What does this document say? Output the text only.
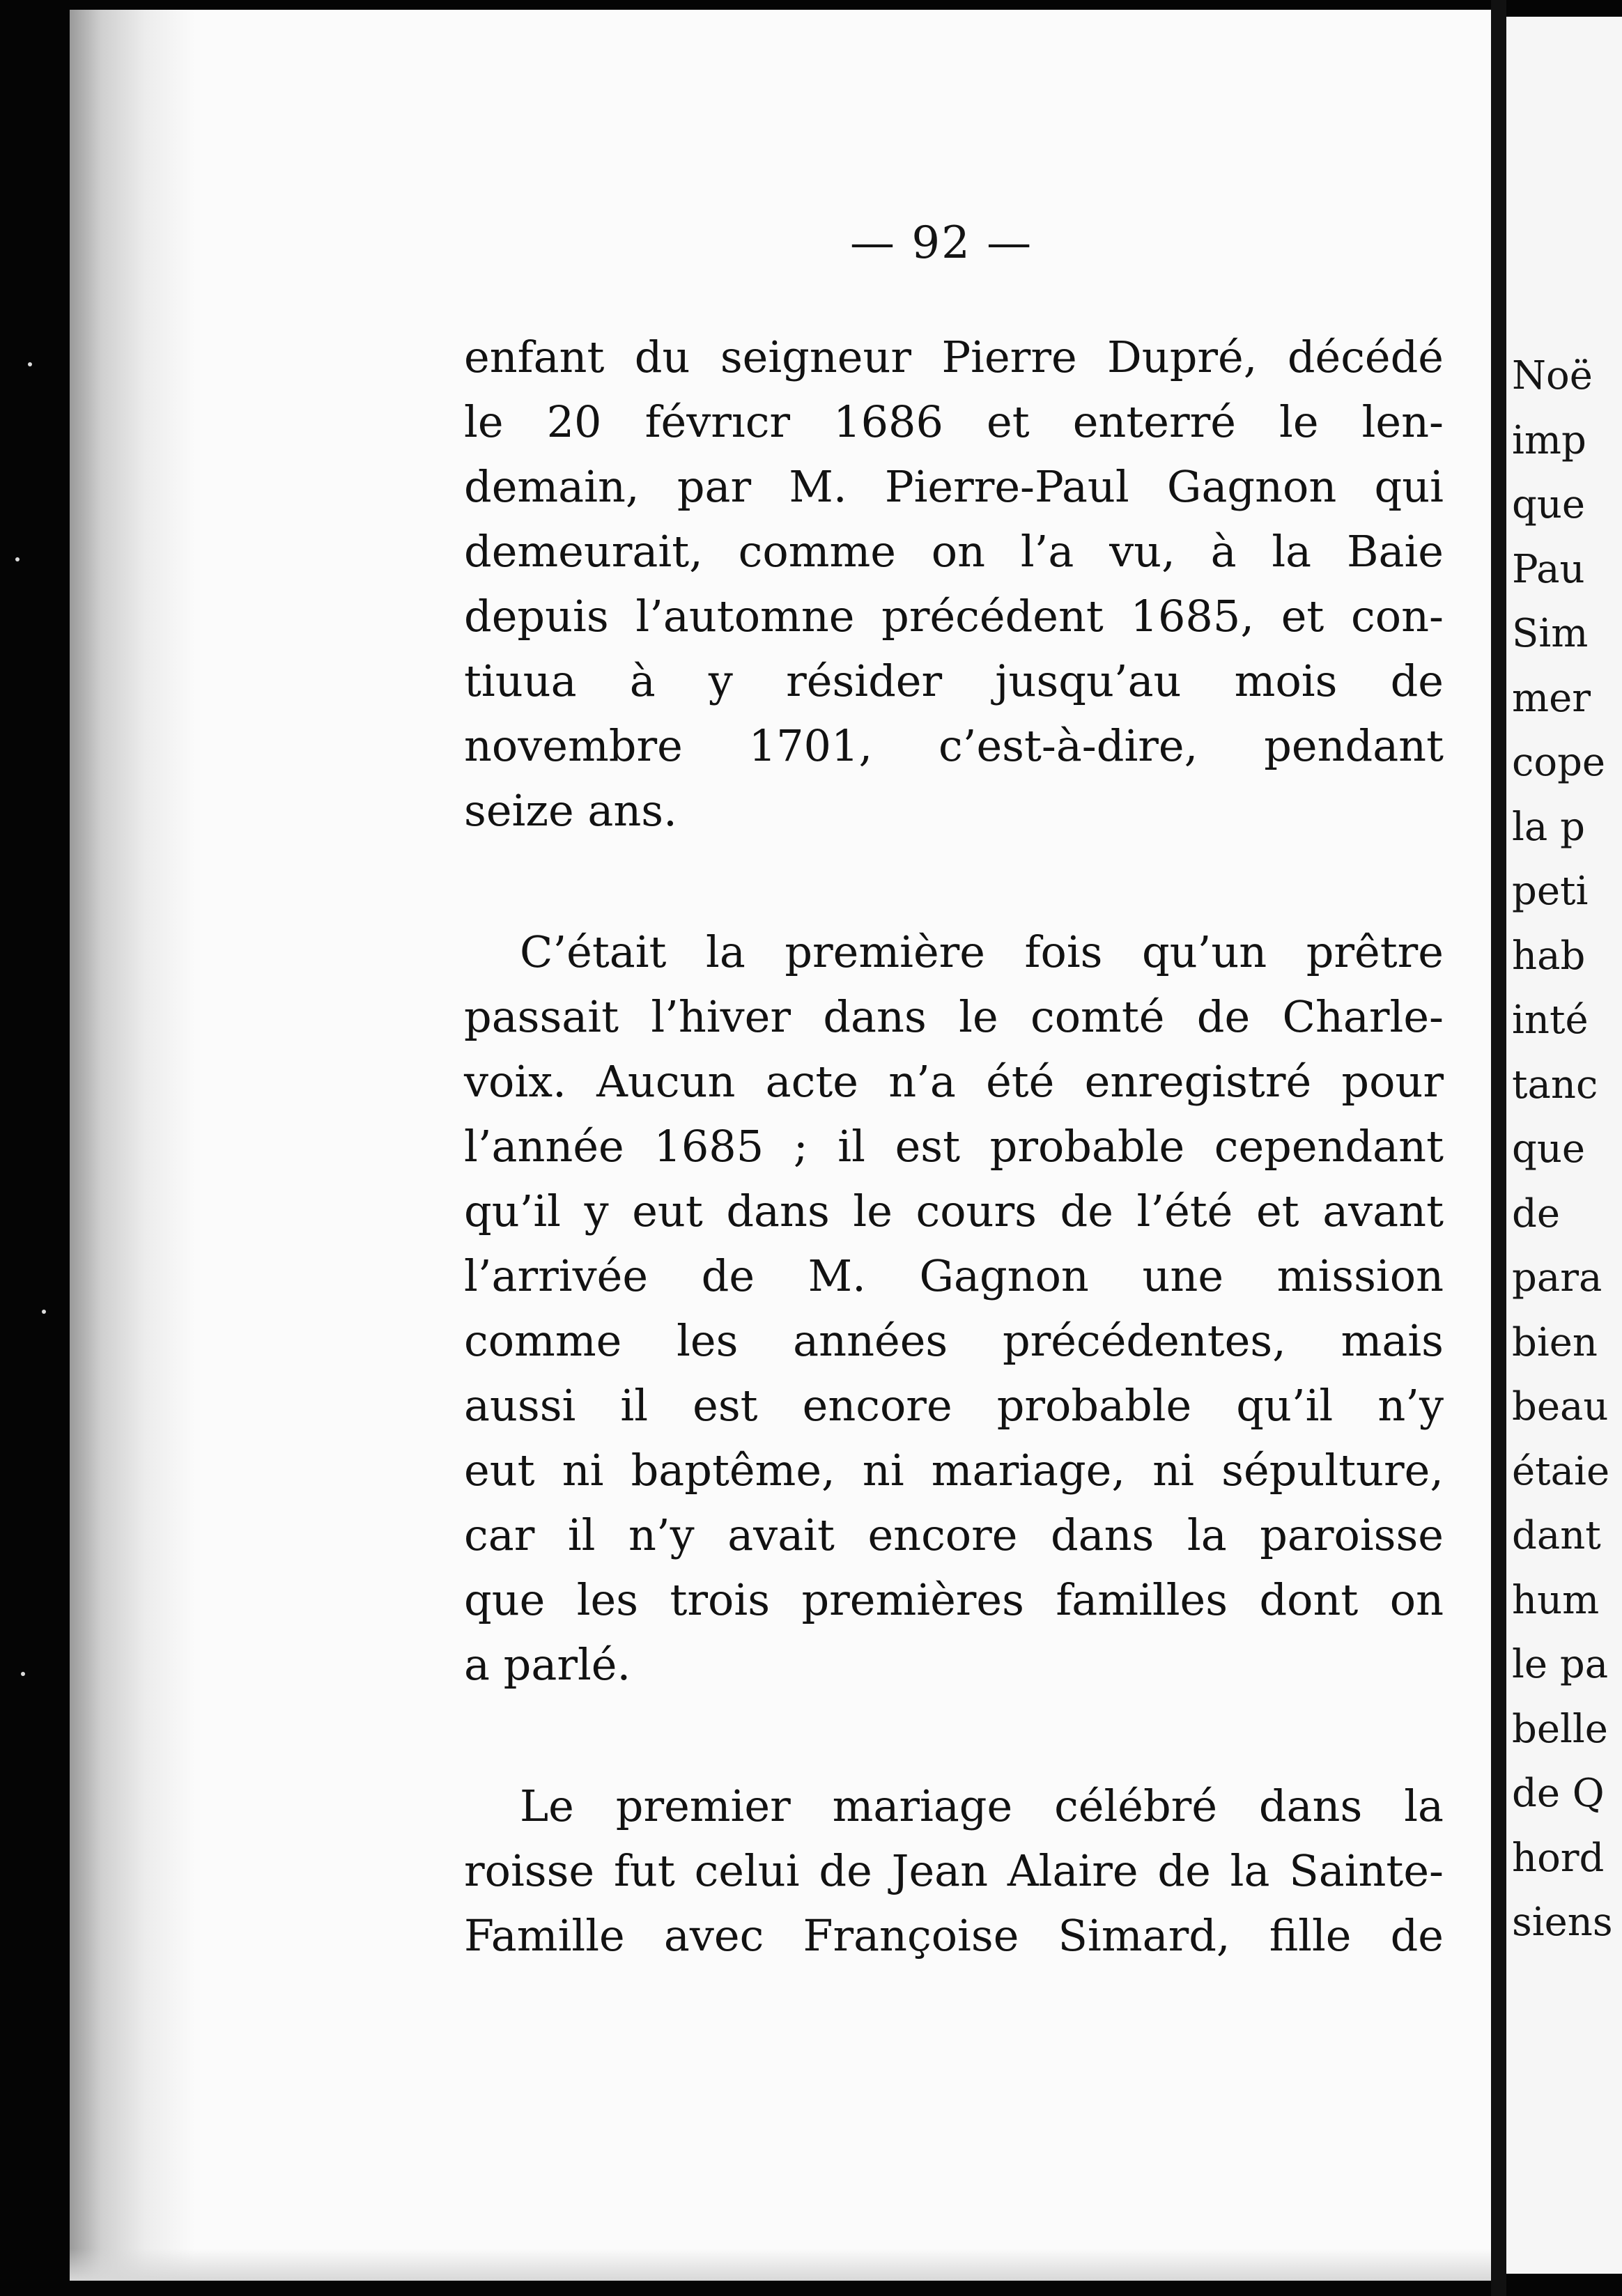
Noë
imp
que
Pau
Sim
mer
cope
la p
peti
hab
inté
tanc
que
de
para
bien
beau
étaie
dant
hum
le pa
belle
de Q
hord
siens
— 92 —

enfant du seigneur Pierre Dupré, décédé
le 20 févrıcr 1686 et enterré le len-
demain, par M. Pierre-Paul Gagnon qui
demeurait, comme on l’a vu, à la Baie
depuis l’automne précédent 1685, et con-
tiuua à y résider jusqu’au mois de
novembre 1701, c’est-à-dire, pendant
seize ans.

C’était la première fois qu’un prêtre
passait l’hiver dans le comté de Charle-
voix. Aucun acte n’a été enregistré pour
l’année 1685 ; il est probable cependant
qu’il y eut dans le cours de l’été et avant
l’arrivée de M. Gagnon une mission
comme les années précédentes, mais
aussi il est encore probable qu’il n’y
eut ni baptême, ni mariage, ni sépulture,
car il n’y avait encore dans la paroisse
que les trois premières familles dont on
a parlé.

Le premier mariage célébré dans la
roisse fut celui de Jean Alaire de la Sainte-
Famille avec Françoise Simard, fille de
